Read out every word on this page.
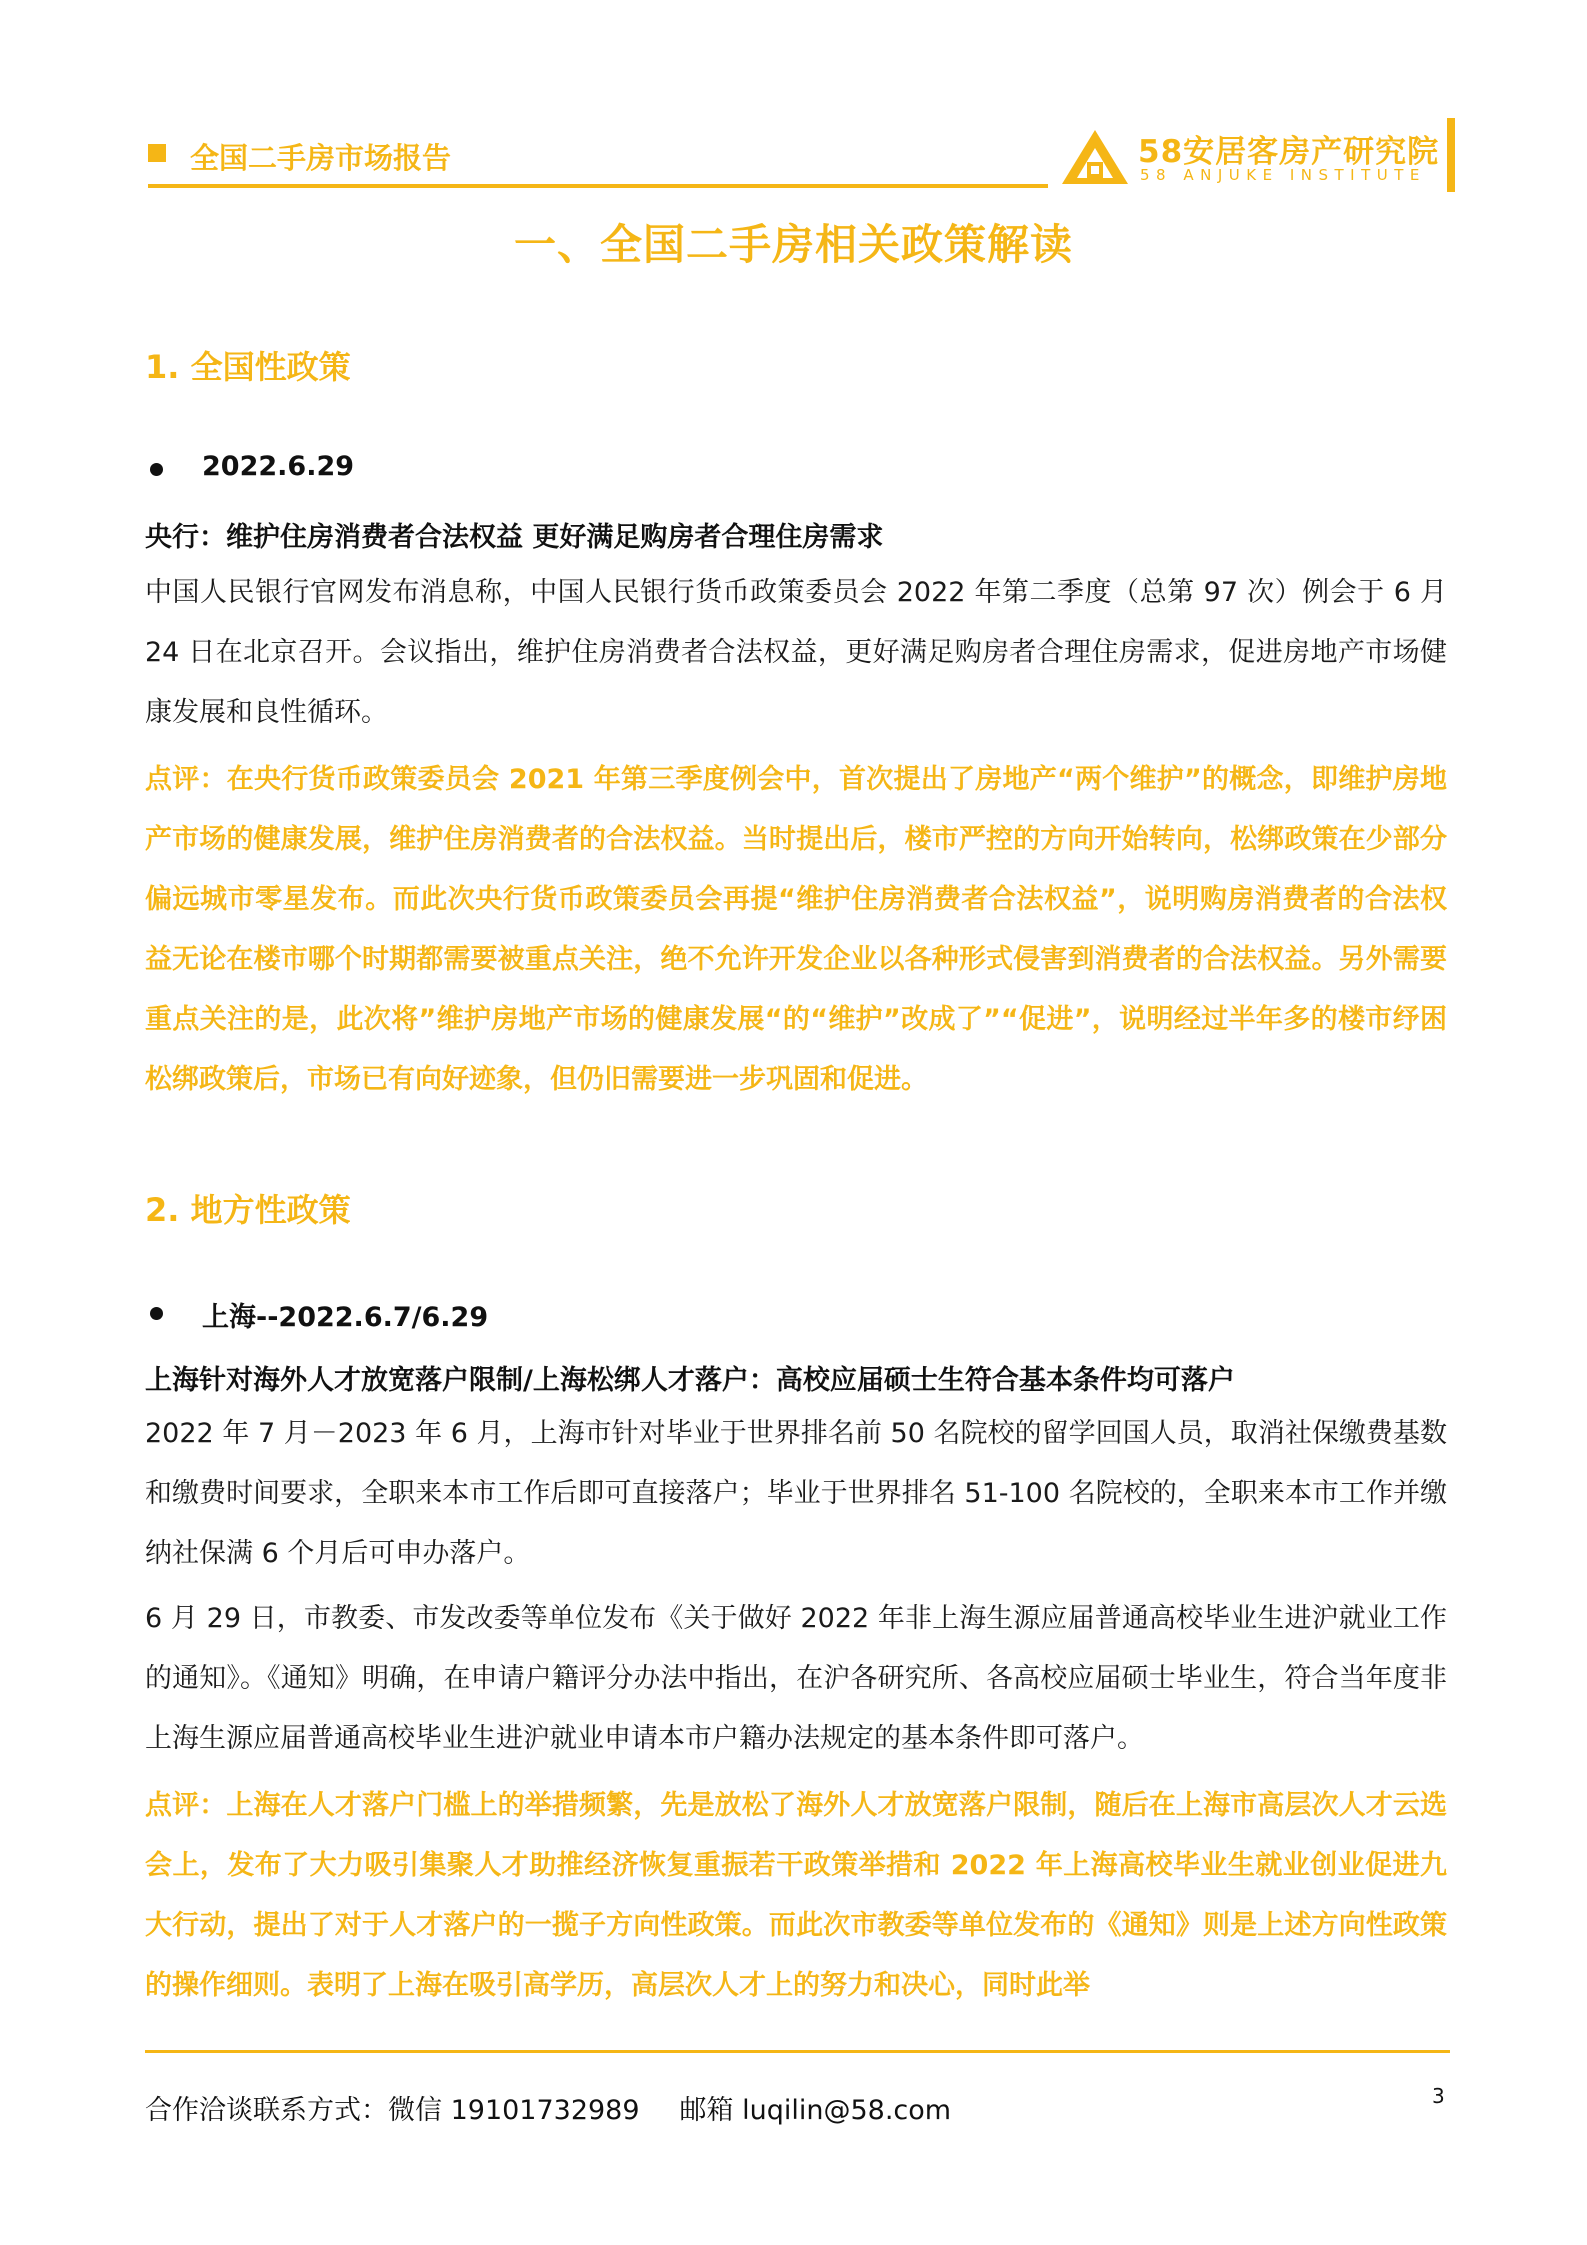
全国二手房市场报告	58安居客房产研究院
58 ANJUKE INSTITUTE
一、全国二手房相关政策解读
1. 全国性政策
2022.6.29
央行：维护住房消费者合法权益 更好满足购房者合理住房需求
中国人民银行官网发布消息称，中国人民银行货币政策委员会 2022 年第二季度（总第 97 次）例会于 6 月 24 日在北京召开。会议指出，维护住房消费者合法权益，更好满足购房者合理住房需求，促进房地产市场健康发展和良性循环。
点评：在央行货币政策委员会 2021 年第三季度例会中，首次提出了房地产“两个维护”的概念，即维护房地产市场的健康发展，维护住房消费者的合法权益。当时提出后，楼市严控的方向开始转向，松绑政策在少部分偏远城市零星发布。而此次央行货币政策委员会再提“维护住房消费者合法权益”，说明购房消费者的合法权益无论在楼市哪个时期都需要被重点关注，绝不允许开发企业以各种形式侵害到消费者的合法权益。另外需要重点关注的是，此次将”维护房地产市场的健康发展“的“维护”改成了”“促进”，说明经过半年多的楼市纾困松绑政策后，市场已有向好迹象，但仍旧需要进一步巩固和促进。
2. 地方性政策
上海--2022.6.7/6.29
上海针对海外人才放宽落户限制/上海松绑人才落户：高校应届硕士生符合基本条件均可落户
2022 年 7 月－2023 年 6 月，上海市针对毕业于世界排名前 50 名院校的留学回国人员，取消社保缴费基数和缴费时间要求，全职来本市工作后即可直接落户；毕业于世界排名 51-100 名院校的，全职来本市工作并缴纳社保满 6 个月后可申办落户。
6 月 29 日，市教委、市发改委等单位发布《关于做好 2022 年非上海生源应届普通高校毕业生进沪就业工作的通知》。《通知》明确，在申请户籍评分办法中指出，在沪各研究所、各高校应届硕士毕业生，符合当年度非上海生源应届普通高校毕业生进沪就业申请本市户籍办法规定的基本条件即可落户。
点评：上海在人才落户门槛上的举措频繁，先是放松了海外人才放宽落户限制，随后在上海市高层次人才云选会上，发布了大力吸引集聚人才助推经济恢复重振若干政策举措和 2022 年上海高校毕业生就业创业促进九大行动，提出了对于人才落户的一揽子方向性政策。而此次市教委等单位发布的《通知》则是上述方向性政策的操作细则。表明了上海在吸引高学历，高层次人才上的努力和决心，同时此举
合作洽谈联系方式：微信 19101732989 邮箱 luqilin@58.com	3
